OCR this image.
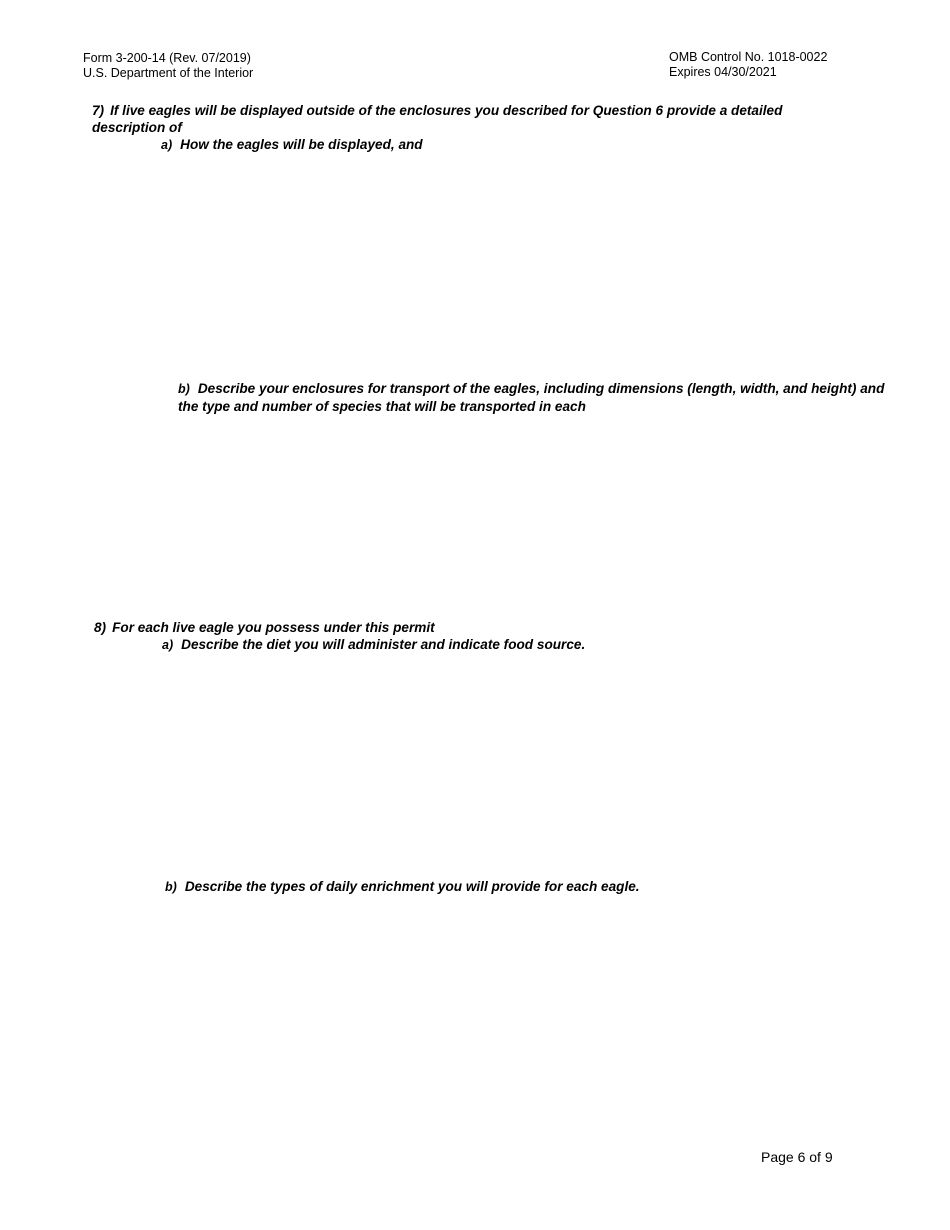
Form 3-200-14 (Rev. 07/2019)
U.S. Department of the Interior
OMB Control No. 1018-0022
Expires 04/30/2021
7) If live eagles will be displayed outside of the enclosures you described for Question 6 provide a detailed description of
a) How the eagles will be displayed, and
b) Describe your enclosures for transport of the eagles, including dimensions (length, width, and height) and the type and number of species that will be transported in each
8) For each live eagle you possess under this permit
a) Describe the diet you will administer and indicate food source.
b) Describe the types of daily enrichment you will provide for each eagle.
Page 6 of 9
